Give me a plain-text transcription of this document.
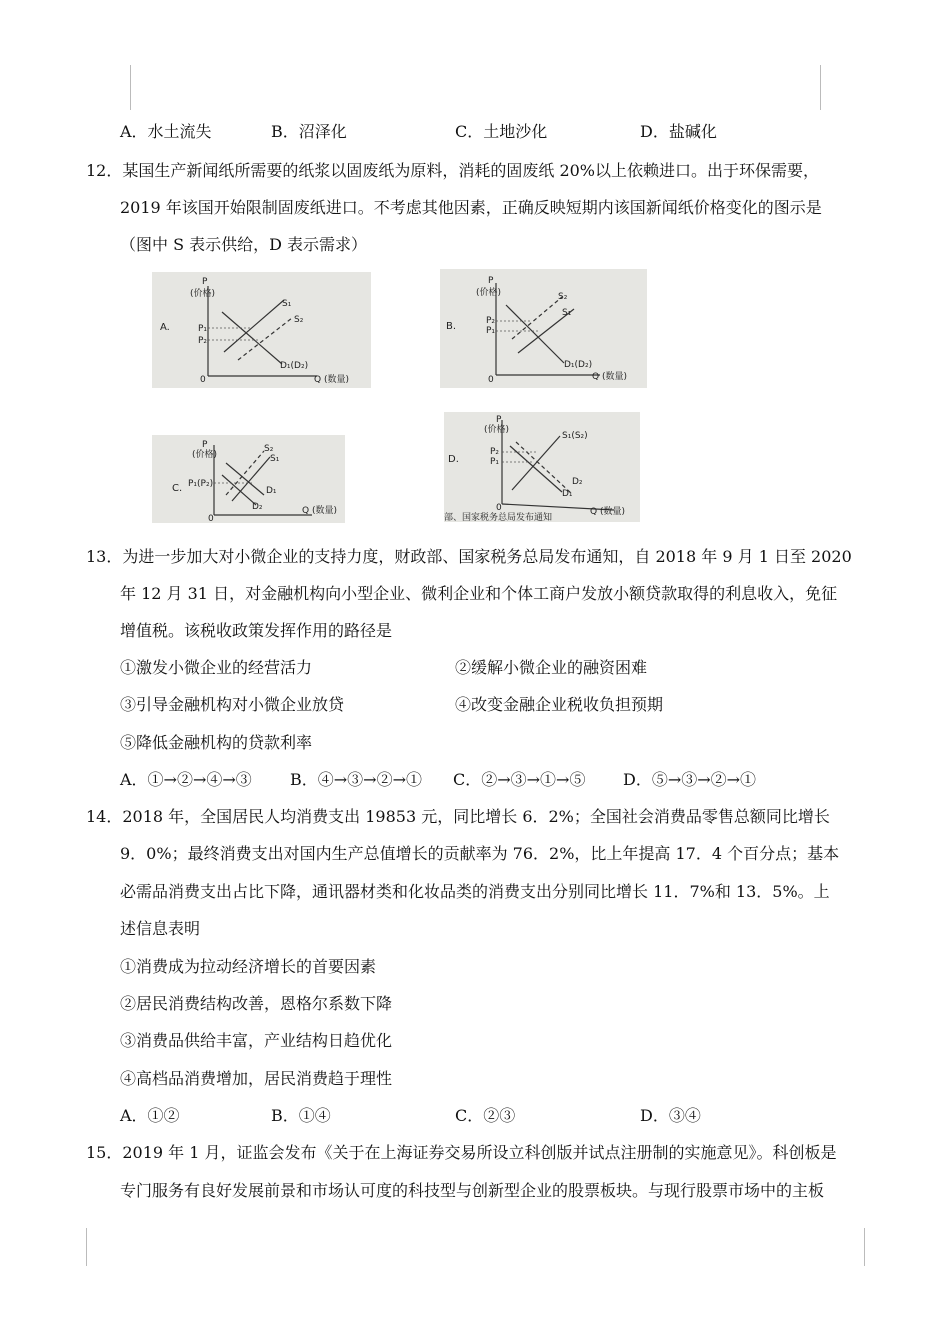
A．水土流失	B．沼泽化	C．土地沙化	D．盐碱化
12．某国生产新闻纸所需要的纸浆以固废纸为原料，消耗的固废纸 20%以上依赖进口。出于环保需要，
2019 年该国开始限制固废纸进口。不考虑其他因素，正确反映短期内该国新闻纸价格变化的图示是
（图中 S 表示供给，D 表示需求）
P
(价格)
A.
0	Q (数量)
S₁
S₂
P₁
P₂
D₁(D₂)
P
(价格)
B.
0	Q (数量)
S₂
S₁
P₂
P₁
D₁(D₂)
P
(价格)
C.
0
Q (数量)
S₂
S₁
P₁(P₂)
D₁
D₂
P
(价格)
D.
0	Q (数量)
S₁(S₂)
P₂
P₁
D₂
D₁
部、国家税务总局发布通知
13．为进一步加大对小微企业的支持力度，财政部、国家税务总局发布通知，自 2018 年 9 月 1 日至 2020
年 12 月 31 日，对金融机构向小型企业、微利企业和个体工商户发放小额贷款取得的利息收入，免征
增值税。该税收政策发挥作用的路径是
①激发小微企业的经营活力	②缓解小微企业的融资困难
③引导金融机构对小微企业放贷	④改变金融企业税收负担预期
⑤降低金融机构的贷款利率
A．①→②→④→③ B．④→③→②→① C．②→③→①→⑤ D．⑤→③→②→①
14．2018 年，全国居民人均消费支出 19853 元，同比增长 6．2%；全国社会消费品零售总额同比增长
9．0%；最终消费支出对国内生产总值增长的贡献率为 76．2%，比上年提高 17．4 个百分点；基本
必需品消费支出占比下降，通讯器材类和化妆品类的消费支出分别同比增长 11．7%和 13．5%。上
述信息表明
①消费成为拉动经济增长的首要因素
②居民消费结构改善，恩格尔系数下降
③消费品供给丰富，产业结构日趋优化
④高档品消费增加，居民消费趋于理性
A．①②	B．①④	C．②③	D．③④
15．2019 年 1 月，证监会发布《关于在上海证券交易所设立科创版并试点注册制的实施意见》。科创板是
专门服务有良好发展前景和市场认可度的科技型与创新型企业的股票板块。与现行股票市场中的主板
